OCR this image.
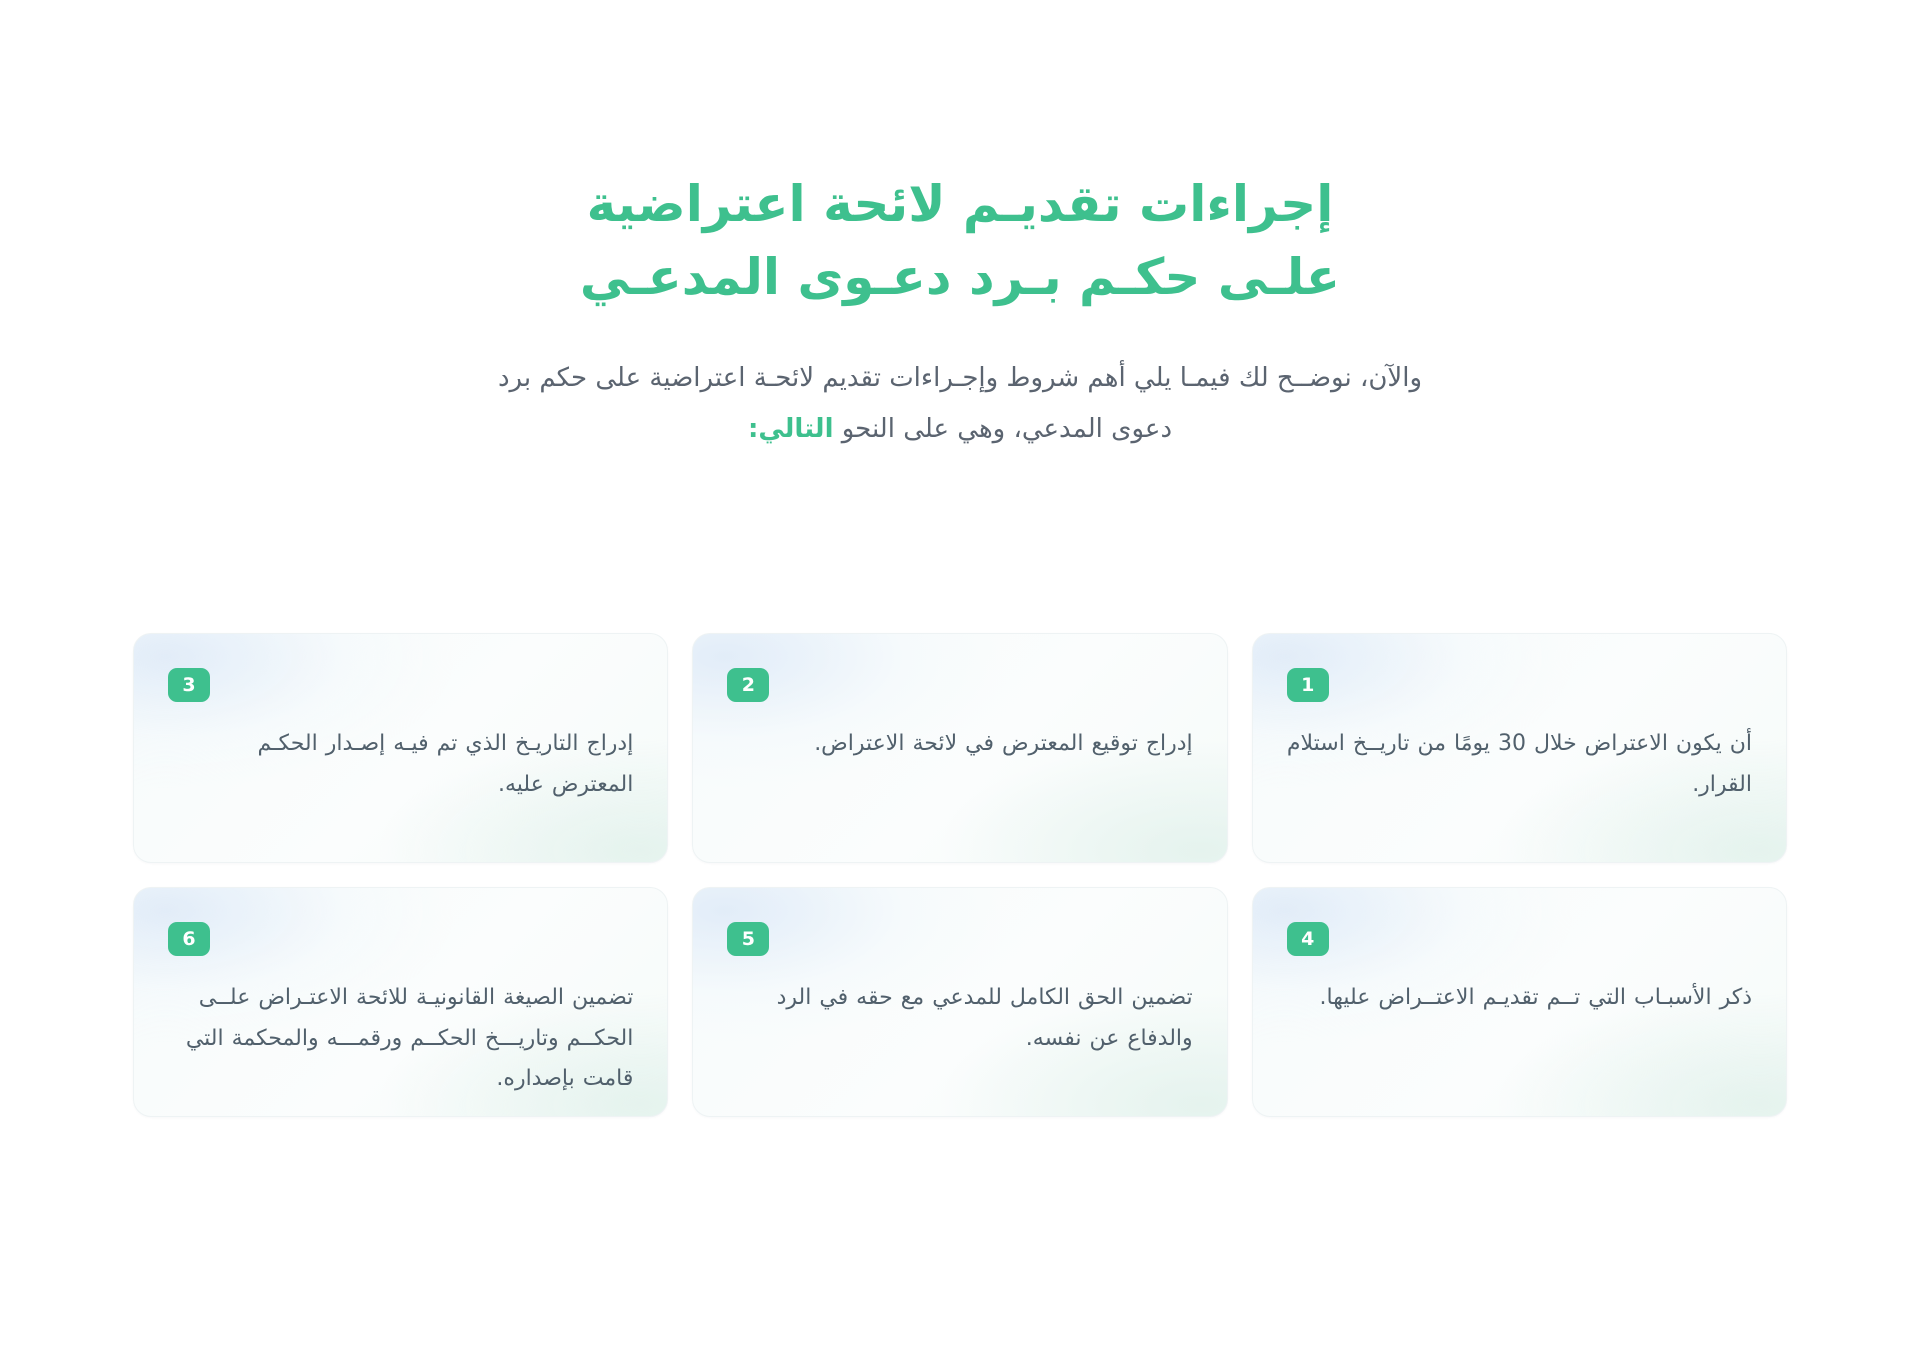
إجراءات تقديـم لائحة اعتراضية
علـى حكـم بـرد دعـوى المدعـي

والآن، نوضــح لك فيمـا يلي أهم شروط وإجـراءات تقديم لائحـة اعتراضية على حكم برد دعوى المدعي، وهي على النحو التالي:

1
أن يكون الاعتراض خلال 30 يومًا من تاريــخ استلام القرار.
2
إدراج توقيع المعترض في لائحة الاعتراض.
3
إدراج التاريـخ الذي تم فيـه إصـدار الحكـم المعترض عليه.
4
ذكر الأسبـاب التي تــم تقديـم الاعتــراض عليها.
5
تضمين الحق الكامل للمدعي مع حقه في الرد والدفاع عن نفسه.
6
تضمين الصيغة القانونيـة للائحة الاعتـراض علــى الحكــم وتاريـــخ الحكــم ورقمـــه والمحكمة التي قامت بإصداره.
